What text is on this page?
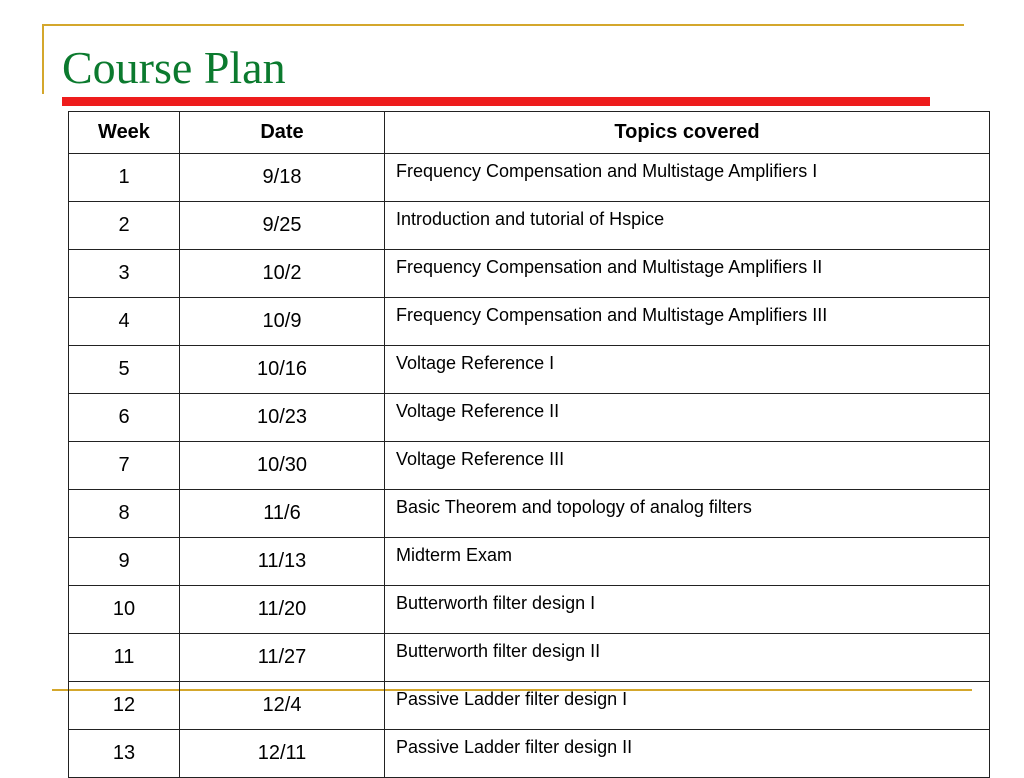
Course Plan
Week	Date	Topics covered
1	9/18	Frequency Compensation and Multistage Amplifiers I
2	9/25	Introduction and tutorial of Hspice
3	10/2	Frequency Compensation and Multistage Amplifiers II
4	10/9	Frequency Compensation and Multistage Amplifiers III
5	10/16	Voltage Reference I
6	10/23	Voltage Reference II
7	10/30	Voltage Reference III
8	11/6	Basic Theorem and topology of analog filters
9	11/13	Midterm Exam
10	11/20	Butterworth filter design I
11	11/27	Butterworth filter design II
12	12/4	Passive Ladder filter design I
13	12/11	Passive Ladder filter design II
